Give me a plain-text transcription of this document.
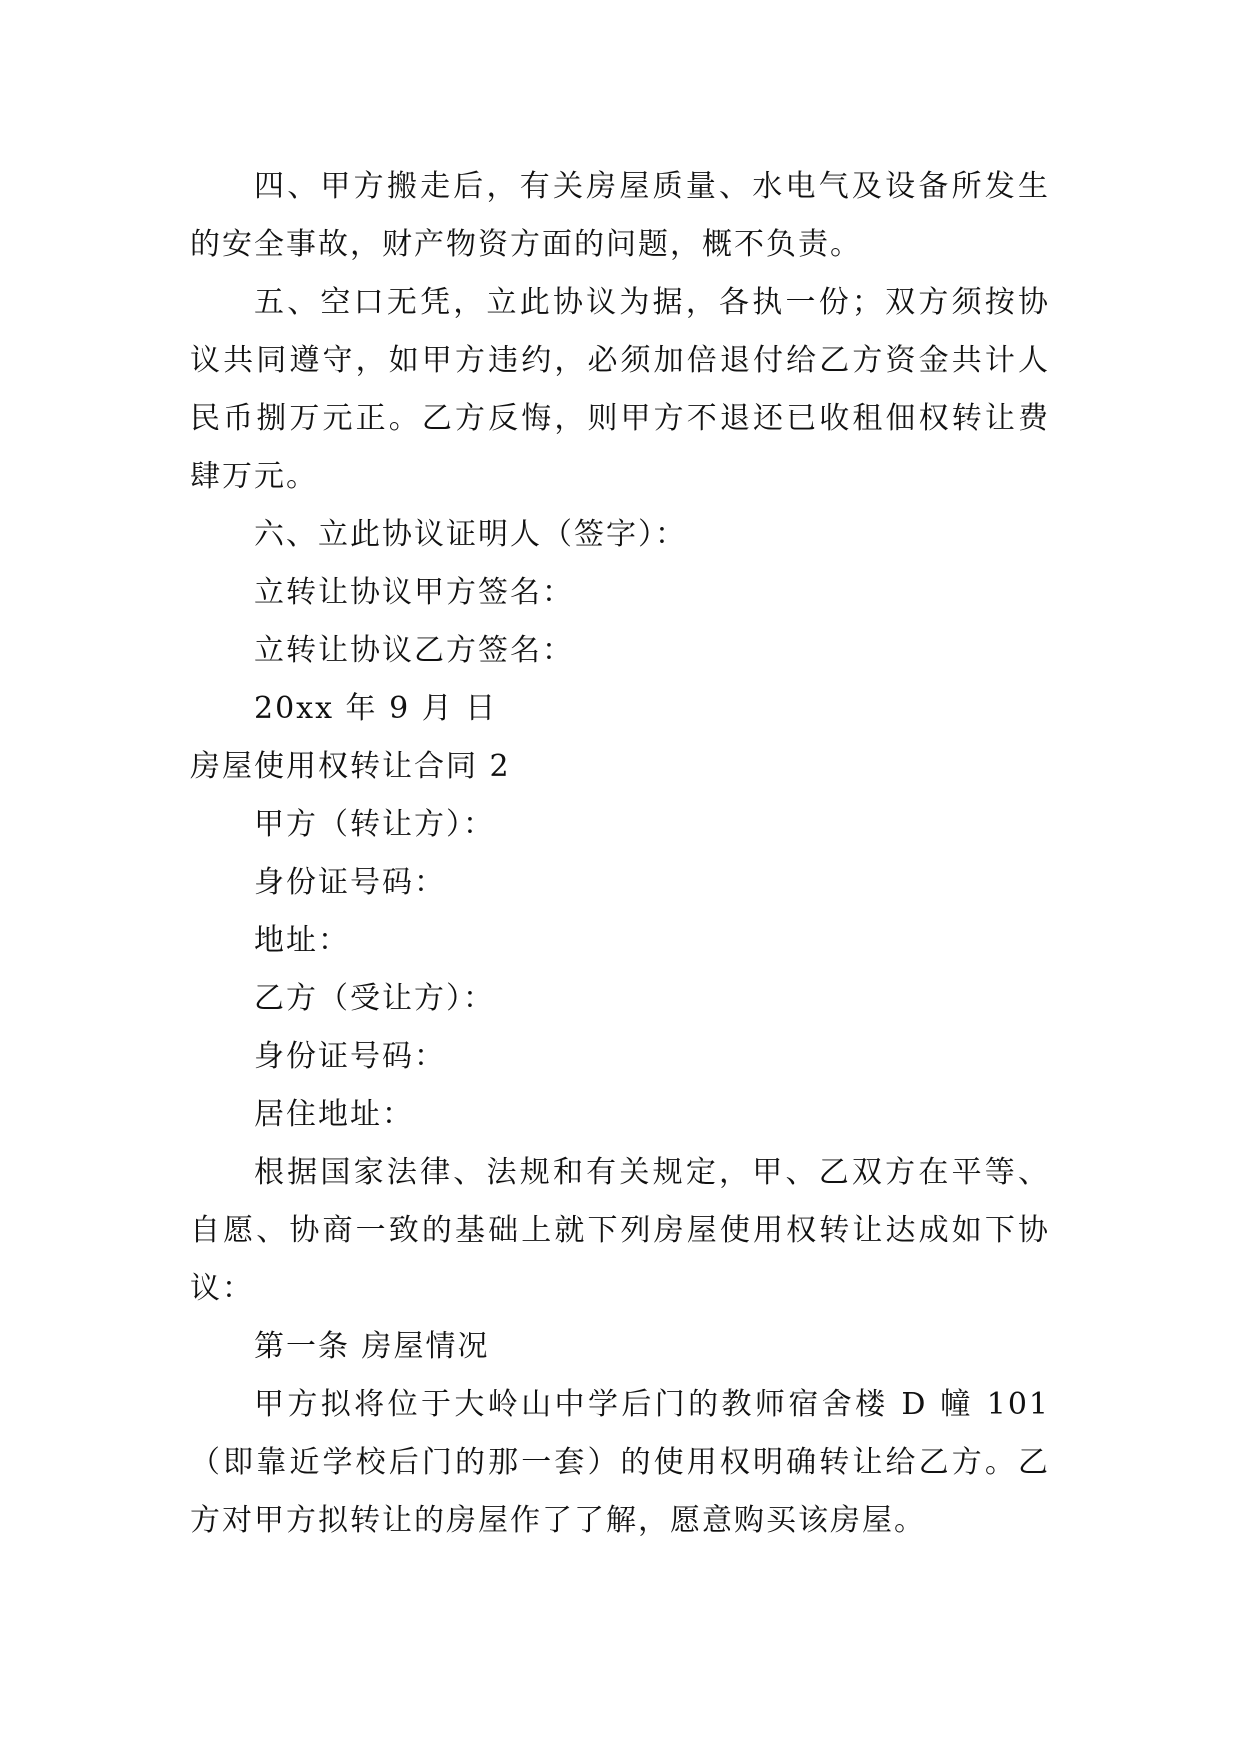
四、甲方搬走后，有关房屋质量、水电气及设备所发生的安全事故，财产物资方面的问题，概不负责。

五、空口无凭，立此协议为据，各执一份；双方须按协议共同遵守，如甲方违约，必须加倍退付给乙方资金共计人民币捌万元正。乙方反悔，则甲方不退还已收租佃权转让费肆万元。

六、立此协议证明人（签字）：

立转让协议甲方签名：

立转让协议乙方签名：

20xx 年 9 月 日

房屋使用权转让合同 2

甲方（转让方）：

身份证号码：

地址：

乙方（受让方）：

身份证号码：

居住地址：

根据国家法律、法规和有关规定，甲、乙双方在平等、自愿、协商一致的基础上就下列房屋使用权转让达成如下协议：

第一条 房屋情况

甲方拟将位于大岭山中学后门的教师宿舍楼 D 幢 101（即靠近学校后门的那一套）的使用权明确转让给乙方。乙方对甲方拟转让的房屋作了了解，愿意购买该房屋。
